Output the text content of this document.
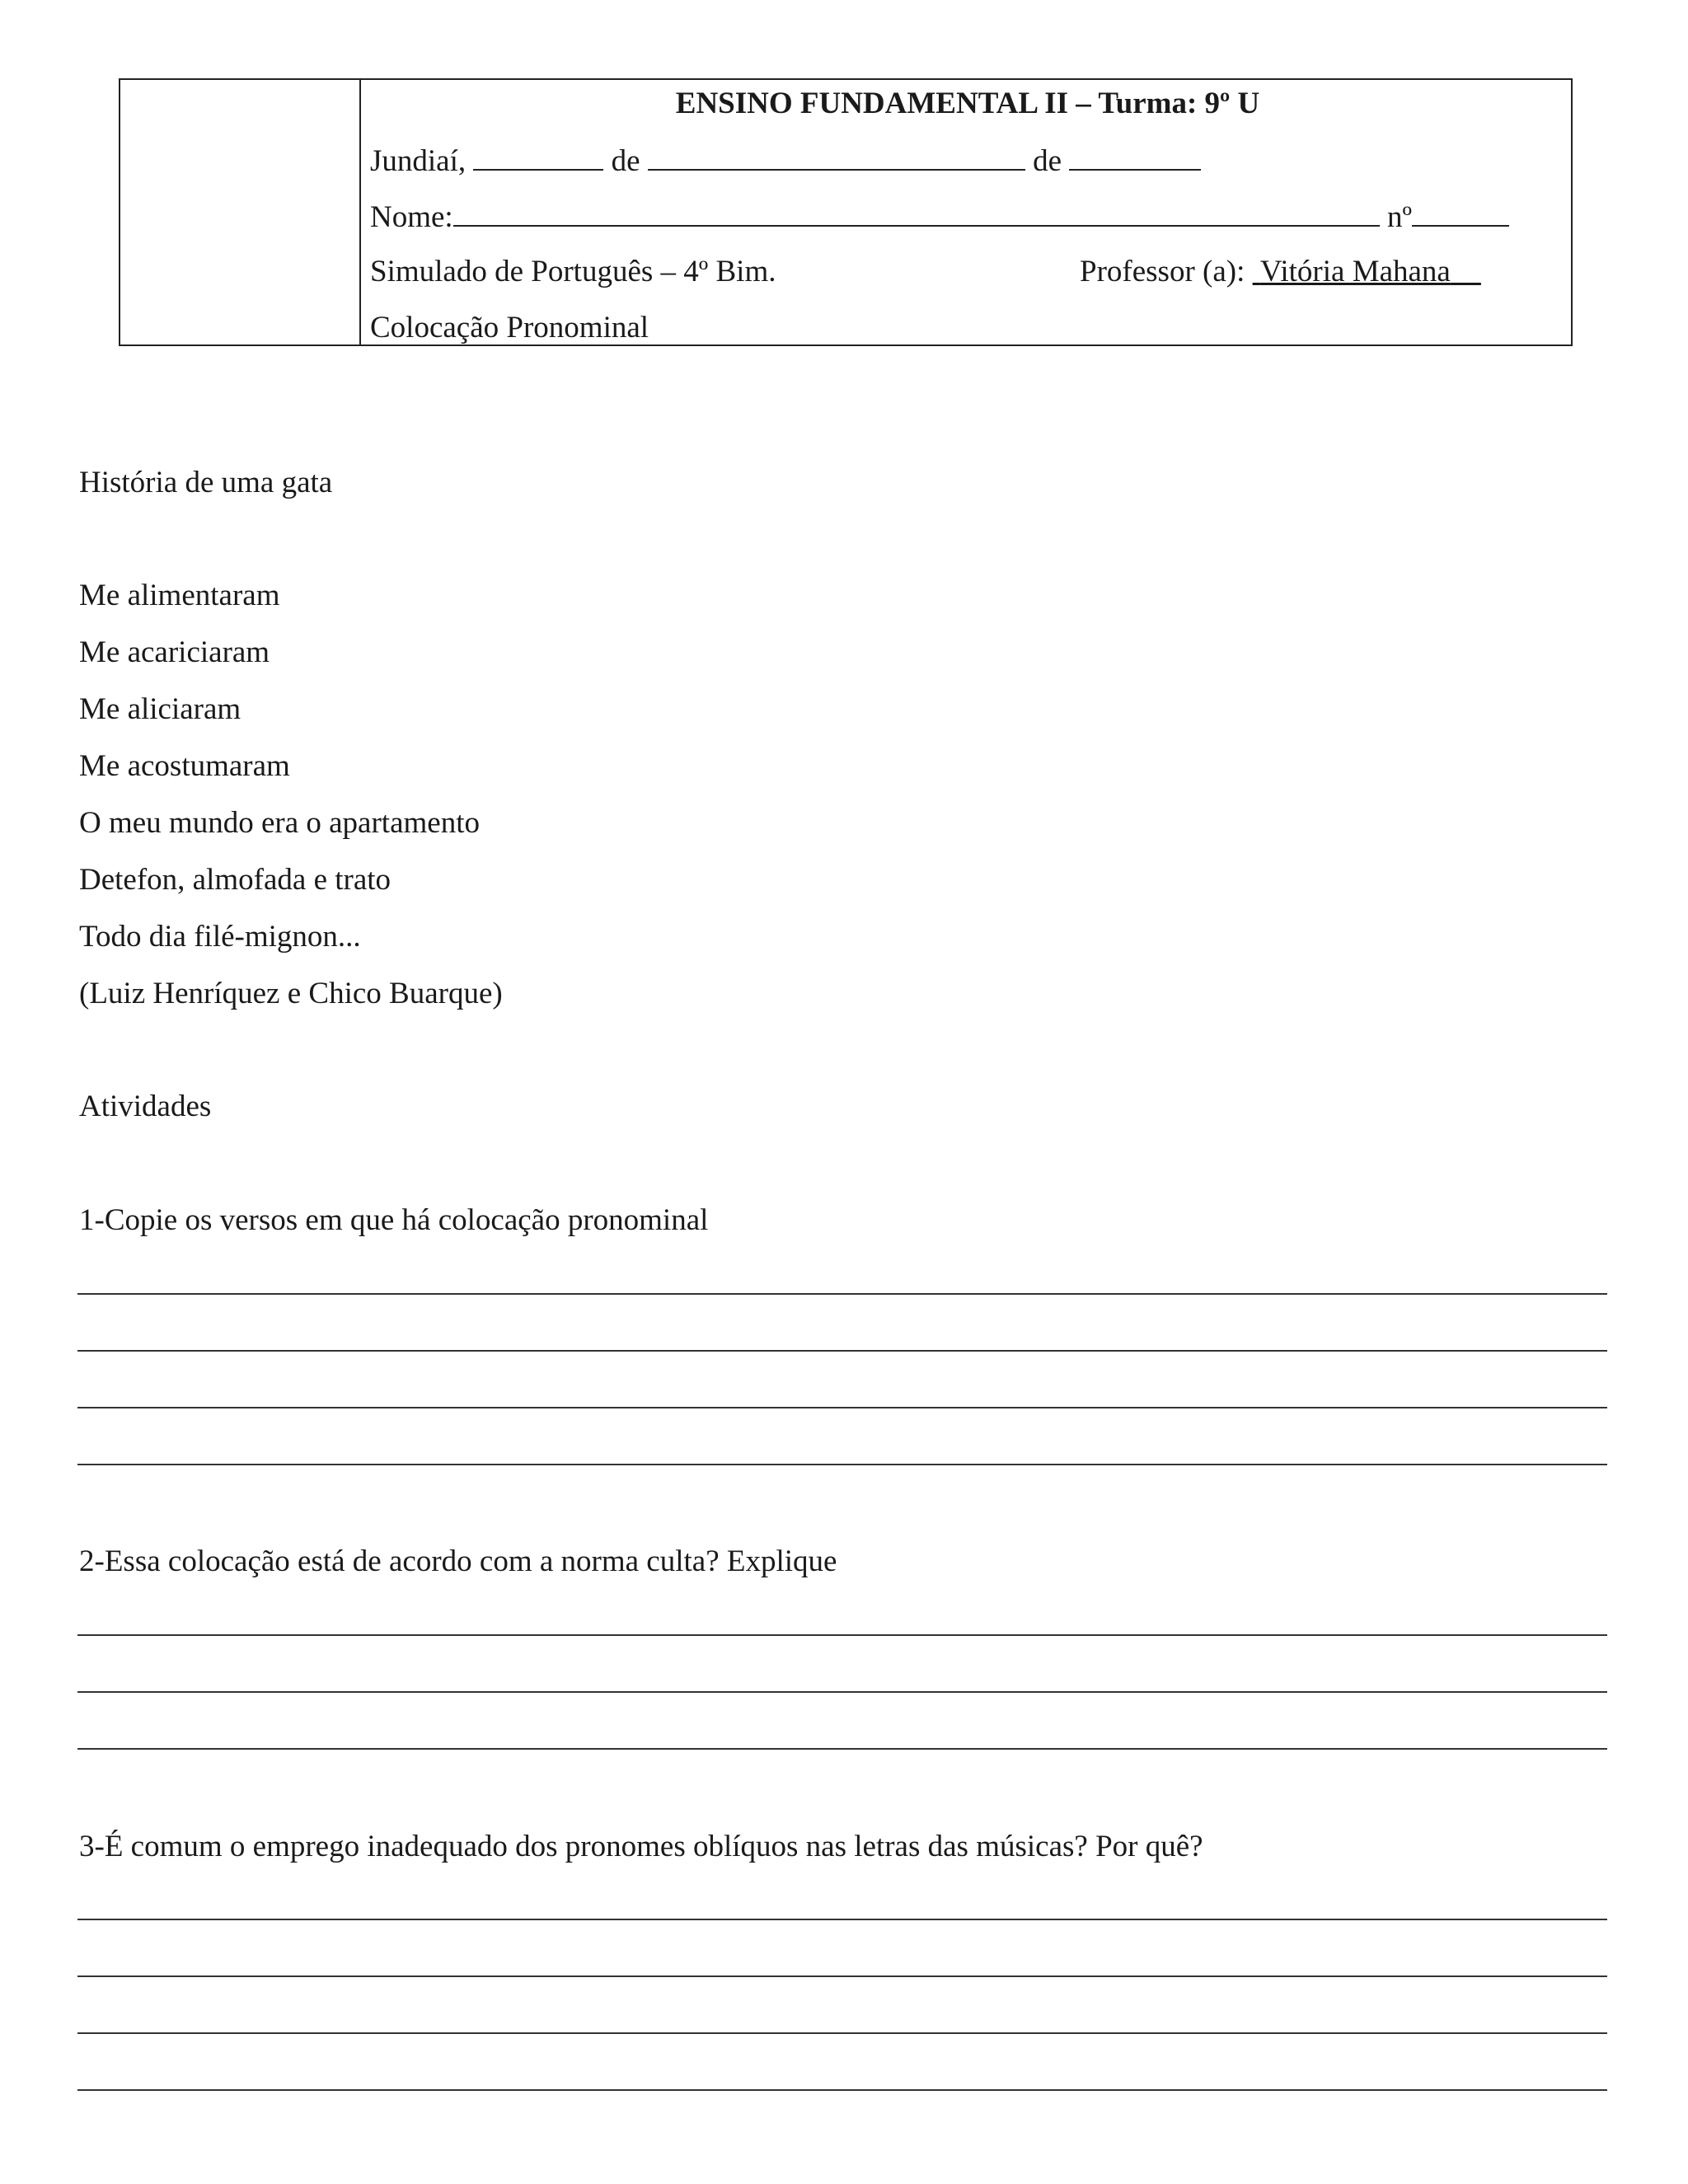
ENSINO FUNDAMENTAL II – Turma: 9º U
Jundiaí,	de	de
Nome:	nº
Simulado de Português – 4º Bim.	Professor (a): Vitória Mahana
Colocação Pronominal
História de uma gata
Me alimentaram
Me acariciaram
Me aliciaram
Me acostumaram
O meu mundo era o apartamento
Detefon, almofada e trato
Todo dia filé-mignon...
(Luiz Henríquez e Chico Buarque)
Atividades
1-Copie os versos em que há colocação pronominal
2-Essa colocação está de acordo com a norma culta? Explique
3-É comum o emprego inadequado dos pronomes oblíquos nas letras das músicas? Por quê?
